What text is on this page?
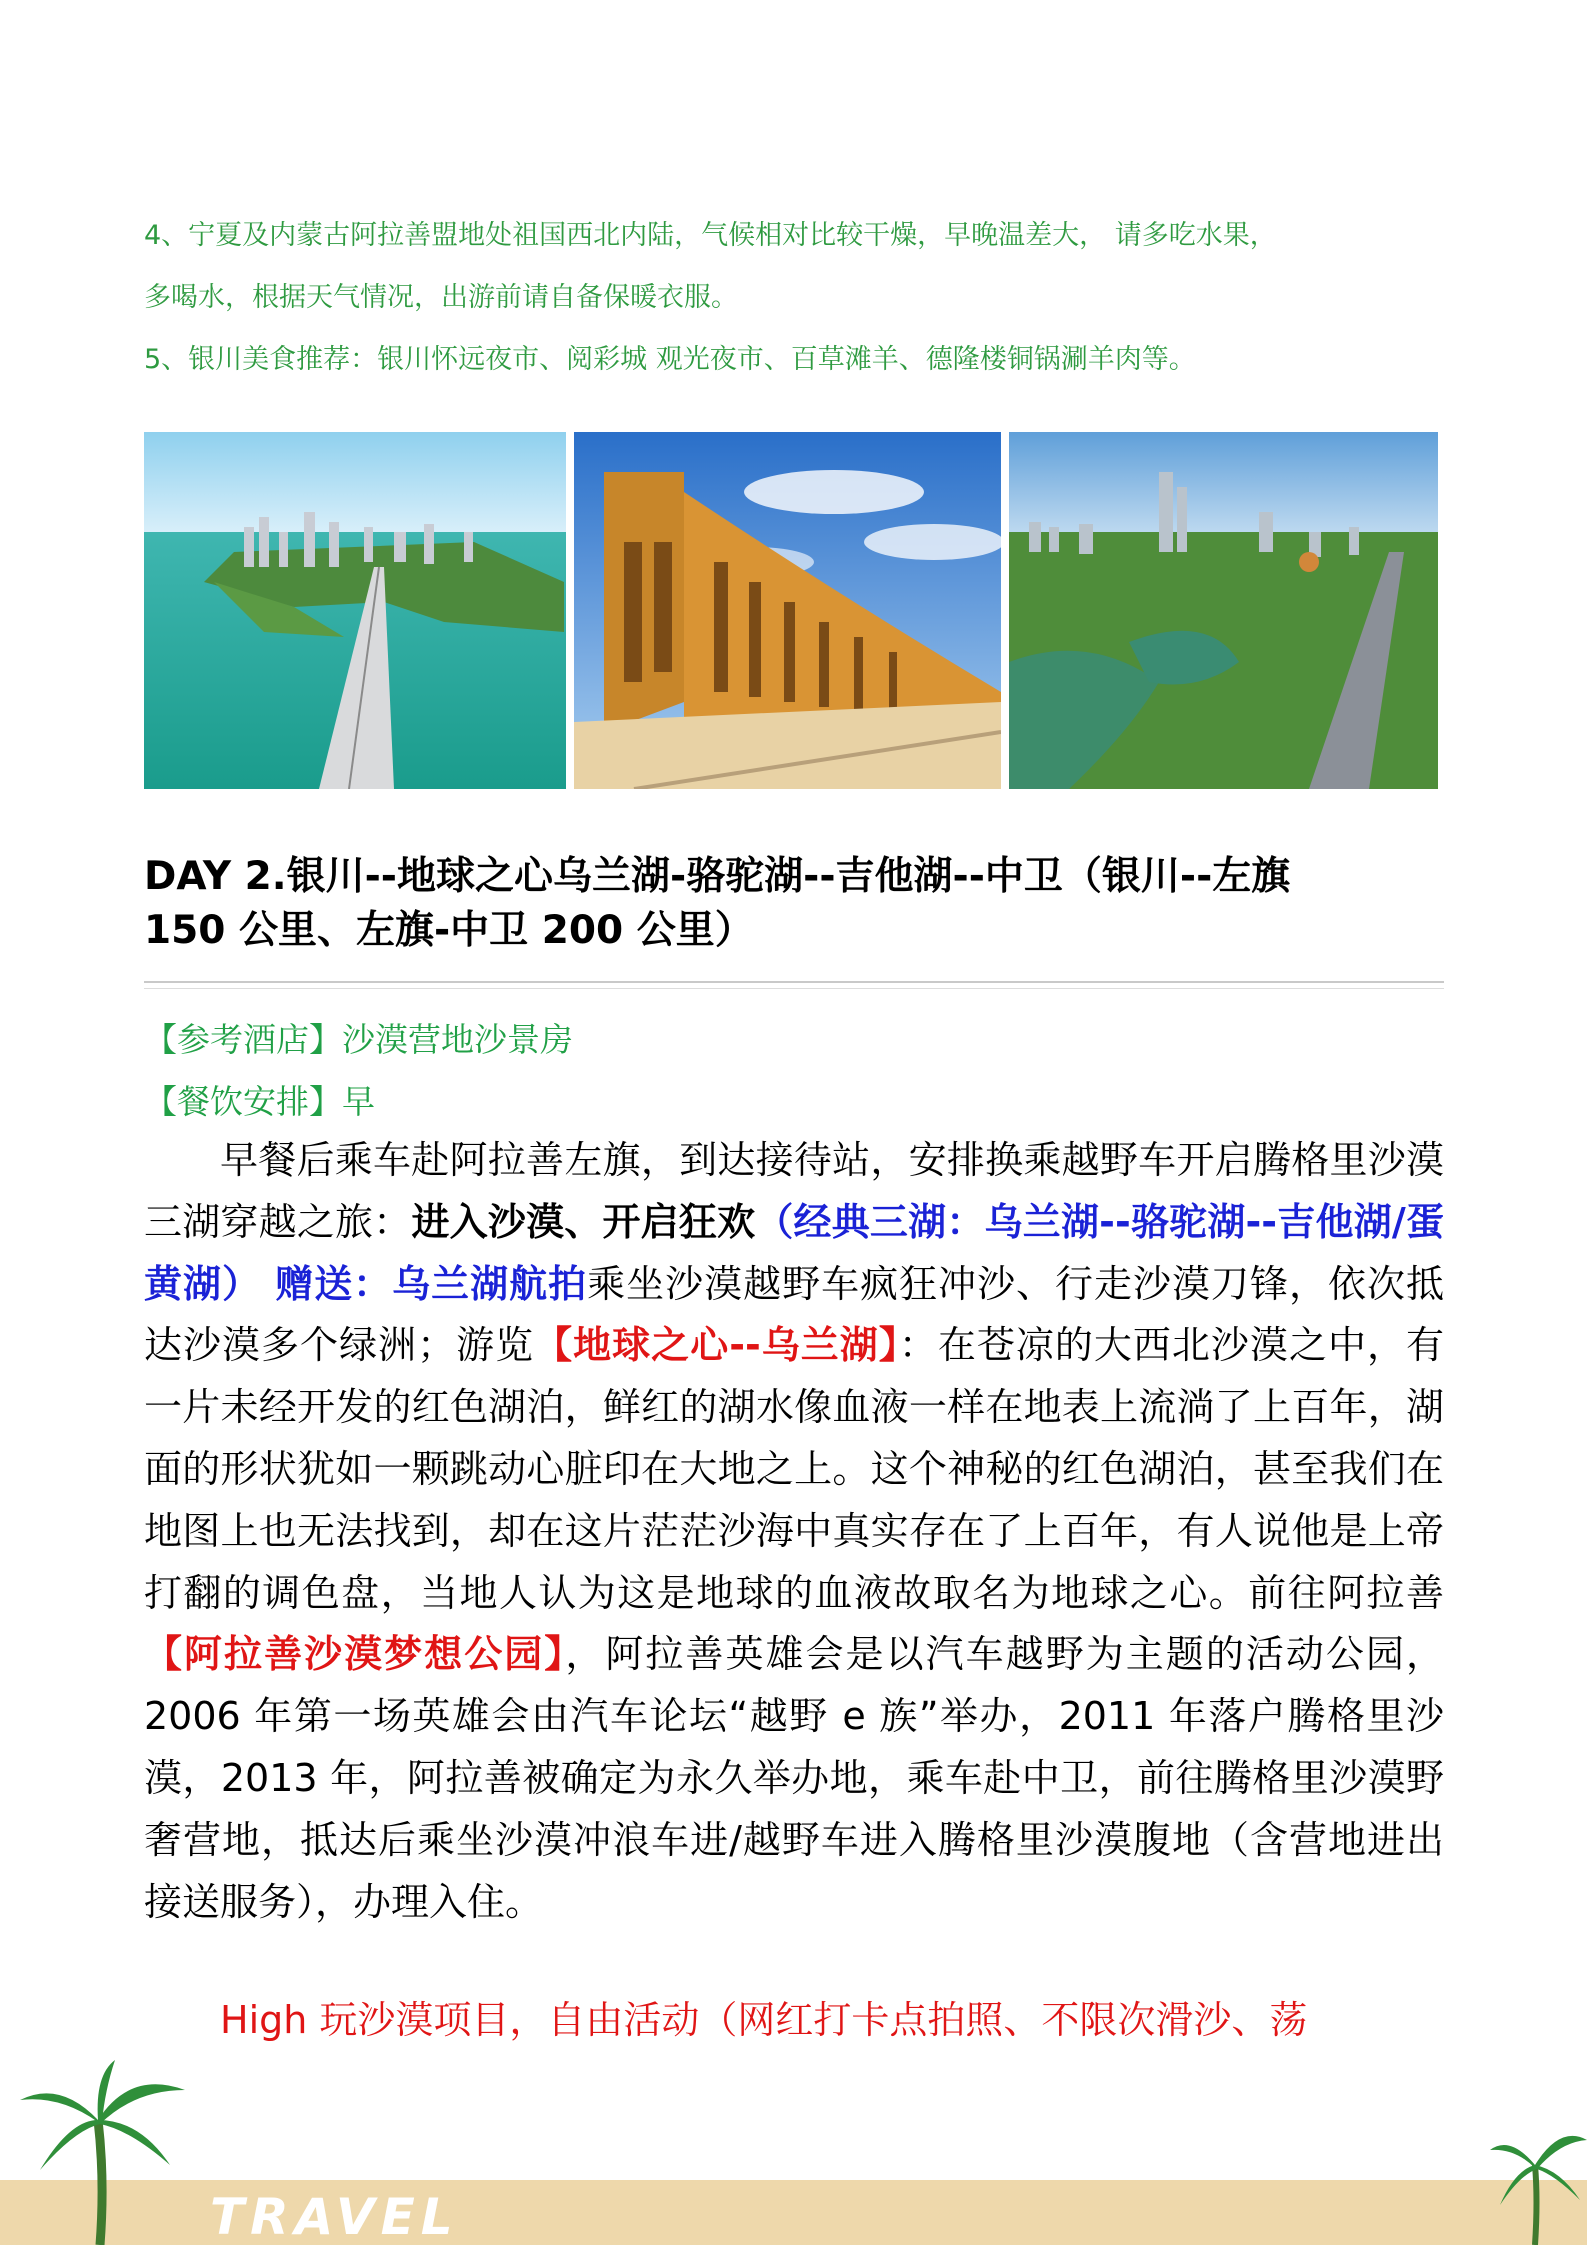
4、宁夏及内蒙古阿拉善盟地处祖国西北内陆，气候相对比较干燥，早晚温差大， 请多吃水果，

多喝水，根据天气情况，出游前请自备保暖衣服。

5、银川美食推荐：银川怀远夜市、阅彩城 观光夜市、百草滩羊、德隆楼铜锅涮羊肉等。

DAY 2.银川--地球之心乌兰湖-骆驼湖--吉他湖--中卫（银川--左旗
150 公里、左旗-中卫 200 公里）

【参考酒店】沙漠营地沙景房

【餐饮安排】早

早餐后乘车赴阿拉善左旗，到达接待站，安排换乘越野车开启腾格里沙漠三湖穿越之旅：进入沙漠、开启狂欢（经典三湖：乌兰湖--骆驼湖--吉他湖/蛋黄湖） 赠送：乌兰湖航拍乘坐沙漠越野车疯狂冲沙、行走沙漠刀锋，依次抵达沙漠多个绿洲；游览【地球之心--乌兰湖】：在苍凉的大西北沙漠之中，有一片未经开发的红色湖泊，鲜红的湖水像血液一样在地表上流淌了上百年，湖面的形状犹如一颗跳动心脏印在大地之上。这个神秘的红色湖泊，甚至我们在地图上也无法找到，却在这片茫茫沙海中真实存在了上百年，有人说他是上帝打翻的调色盘，当地人认为这是地球的血液故取名为地球之心。前往阿拉善【阿拉善沙漠梦想公园】，阿拉善英雄会是以汽车越野为主题的活动公园，2006 年第一场英雄会由汽车论坛“越野 e 族”举办，2011 年落户腾格里沙漠，2013 年，阿拉善被确定为永久举办地，乘车赴中卫，前往腾格里沙漠野奢营地，抵达后乘坐沙漠冲浪车进/越野车进入腾格里沙漠腹地（含营地进出接送服务），办理入住。

High 玩沙漠项目，自由活动（网红打卡点拍照、不限次滑沙、荡

TRAVEL
